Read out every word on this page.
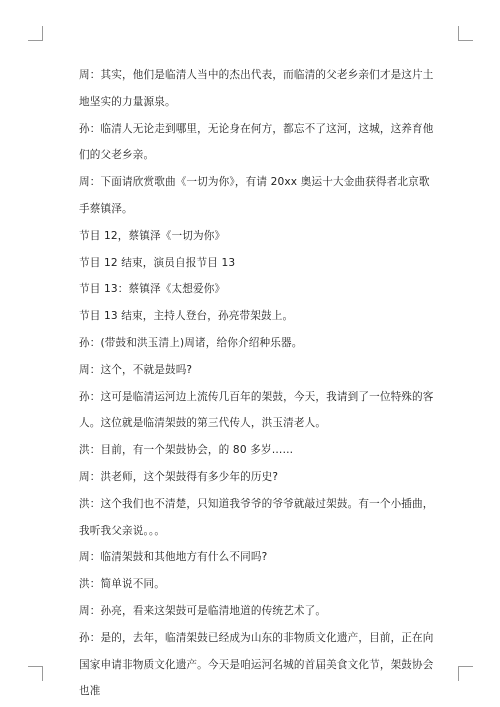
周：其实，他们是临清人当中的杰出代表，而临清的父老乡亲们才是这片土地坚实的力量源泉。

孙：临清人无论走到哪里，无论身在何方，都忘不了这河，这城，这养育他们的父老乡亲。

周：下面请欣赏歌曲《一切为你》，有请 20xx 奥运十大金曲获得者北京歌手蔡镇泽。

节目 12，蔡镇泽《一切为你》

节目 12 结束，演员自报节目 13

节目 13：蔡镇泽《太想爱你》

节目 13 结束，主持人登台，孙亮带架鼓上。

孙：(带鼓和洪玉清上)周诸，给你介绍种乐器。

周：这个，不就是鼓吗?

孙：这可是临清运河边上流传几百年的架鼓，今天，我请到了一位特殊的客人。这位就是临清架鼓的第三代传人，洪玉清老人。

洪：目前，有一个架鼓协会，的 80 多岁……

周：洪老师，这个架鼓得有多少年的历史?

洪：这个我们也不清楚，只知道我爷爷的爷爷就敲过架鼓。有一个小插曲，我听我父亲说。。。

周：临清架鼓和其他地方有什么不同吗?

洪：简单说不同。

周：孙亮，看来这架鼓可是临清地道的传统艺术了。

孙：是的，去年，临清架鼓已经成为山东的非物质文化遗产，目前，正在向国家申请非物质文化遗产。今天是咱运河名城的首届美食文化节，架鼓协会也准
